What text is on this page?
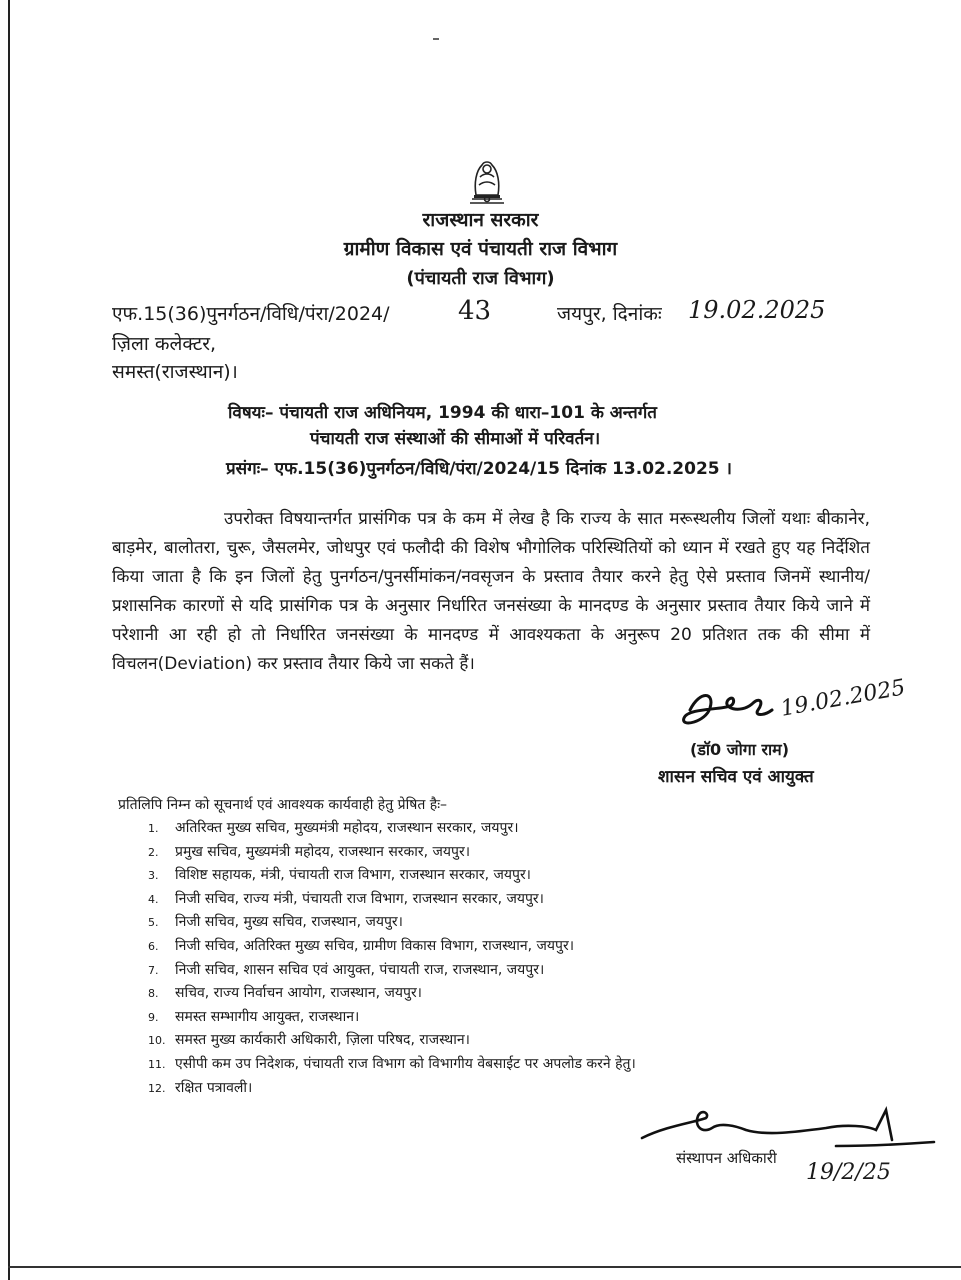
राजस्थान सरकार
ग्रामीण विकास एवं पंचायती राज विभाग
(पंचायती राज विभाग)
एफ.15(36)पुनर्गठन/विधि/पंरा/2024/	43	जयपुर, दिनांकः 19.02.2025
ज़िला कलेक्टर,
समस्त(राजस्थान)।
विषयः– पंचायती राज अधिनियम, 1994 की धारा–101 के अन्तर्गत
पंचायती राज संस्थाओं की सीमाओं में परिवर्तन।
प्रसंगः– एफ.15(36)पुनर्गठन/विधि/पंरा/2024/15 दिनांक 13.02.2025 ।

उपरोक्त विषयान्तर्गत प्रासंगिक पत्र के कम में लेख है कि राज्य के सात मरूस्थलीय जिलों यथाः बीकानेर, बाड़मेर, बालोतरा, चुरू, जैसलमेर, जोधपुर एवं फलौदी की विशेष भौगोलिक परिस्थितियों को ध्यान में रखते हुए यह निर्देशित किया जाता है कि इन जिलों हेतु पुनर्गठन/पुनर्सीमांकन/नवसृजन के प्रस्ताव तैयार करने हेतु ऐसे प्रस्ताव जिनमें स्थानीय/प्रशासनिक कारणों से यदि प्रासंगिक पत्र के अनुसार निर्धारित जनसंख्या के मानदण्ड के अनुसार प्रस्ताव तैयार किये जाने में परेशानी आ रही हो तो निर्धारित जनसंख्या के मानदण्ड में आवश्यकता के अनुरूप 20 प्रतिशत तक की सीमा में विचलन(Deviation) कर प्रस्ताव तैयार किये जा सकते हैं।

19.02.2025
(डॉ0 जोगा राम)
शासन सचिव एवं आयुक्त
प्रतिलिपि निम्न को सूचनार्थ एवं आवश्यक कार्यवाही हेतु प्रेषित हैः–
1. अतिरिक्त मुख्य सचिव, मुख्यमंत्री महोदय, राजस्थान सरकार, जयपुर।
2. प्रमुख सचिव, मुख्यमंत्री महोदय, राजस्थान सरकार, जयपुर।
3. विशिष्ट सहायक, मंत्री, पंचायती राज विभाग, राजस्थान सरकार, जयपुर।
4. निजी सचिव, राज्य मंत्री, पंचायती राज विभाग, राजस्थान सरकार, जयपुर।
5. निजी सचिव, मुख्य सचिव, राजस्थान, जयपुर।
6. निजी सचिव, अतिरिक्त मुख्य सचिव, ग्रामीण विकास विभाग, राजस्थान, जयपुर।
7. निजी सचिव, शासन सचिव एवं आयुक्त, पंचायती राज, राजस्थान, जयपुर।
8. सचिव, राज्य निर्वाचन आयोग, राजस्थान, जयपुर।
9. समस्त सम्भागीय आयुक्त, राजस्थान।
10. समस्त मुख्य कार्यकारी अधिकारी, ज़िला परिषद, राजस्थान।
11. एसीपी कम उप निदेशक, पंचायती राज विभाग को विभागीय वेबसाईट पर अपलोड करने हेतु।
12. रक्षित पत्रावली।
संस्थापन अधिकारी
19/2/25
